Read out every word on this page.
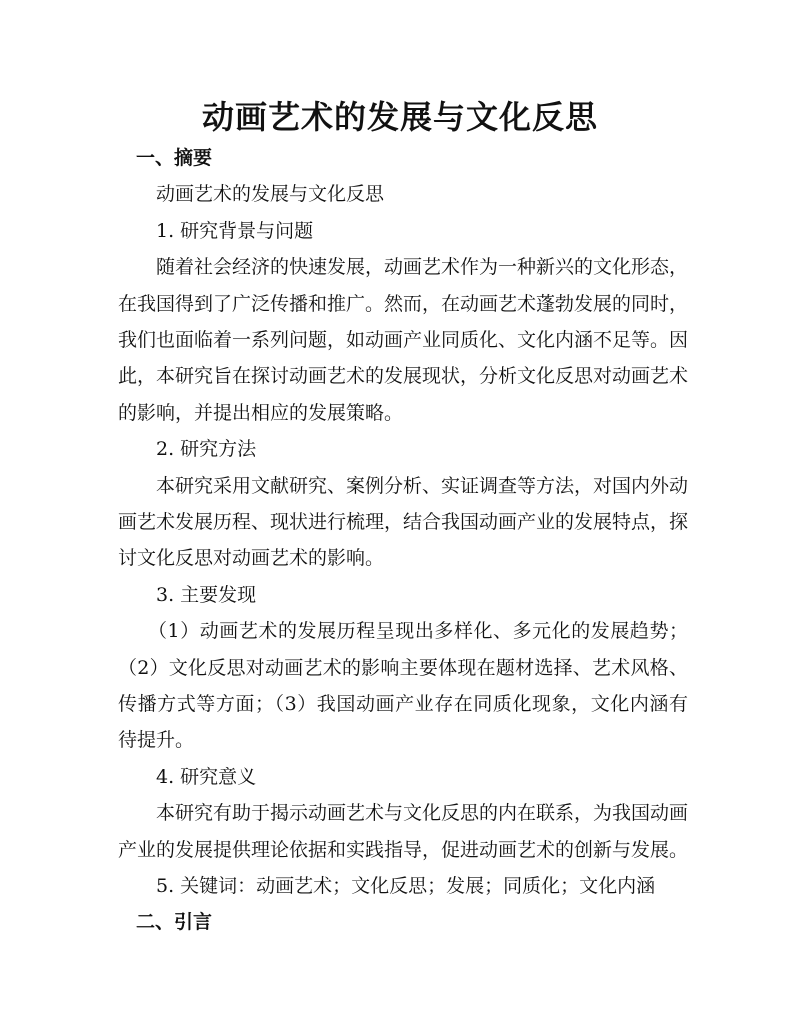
动画艺术的发展与文化反思
一、摘要
动画艺术的发展与文化反思
1. 研究背景与问题
随着社会经济的快速发展，动画艺术作为一种新兴的文化形态，在我国得到了广泛传播和推广。然而，在动画艺术蓬勃发展的同时，我们也面临着一系列问题，如动画产业同质化、文化内涵不足等。因此，本研究旨在探讨动画艺术的发展现状，分析文化反思对动画艺术的影响，并提出相应的发展策略。
2. 研究方法
本研究采用文献研究、案例分析、实证调查等方法，对国内外动画艺术发展历程、现状进行梳理，结合我国动画产业的发展特点，探讨文化反思对动画艺术的影响。
3. 主要发现
（1）动画艺术的发展历程呈现出多样化、多元化的发展趋势；（2）文化反思对动画艺术的影响主要体现在题材选择、艺术风格、传播方式等方面；（3）我国动画产业存在同质化现象，文化内涵有待提升。
4. 研究意义
本研究有助于揭示动画艺术与文化反思的内在联系，为我国动画产业的发展提供理论依据和实践指导，促进动画艺术的创新与发展。
5. 关键词：动画艺术；文化反思；发展；同质化；文化内涵
二、引言
